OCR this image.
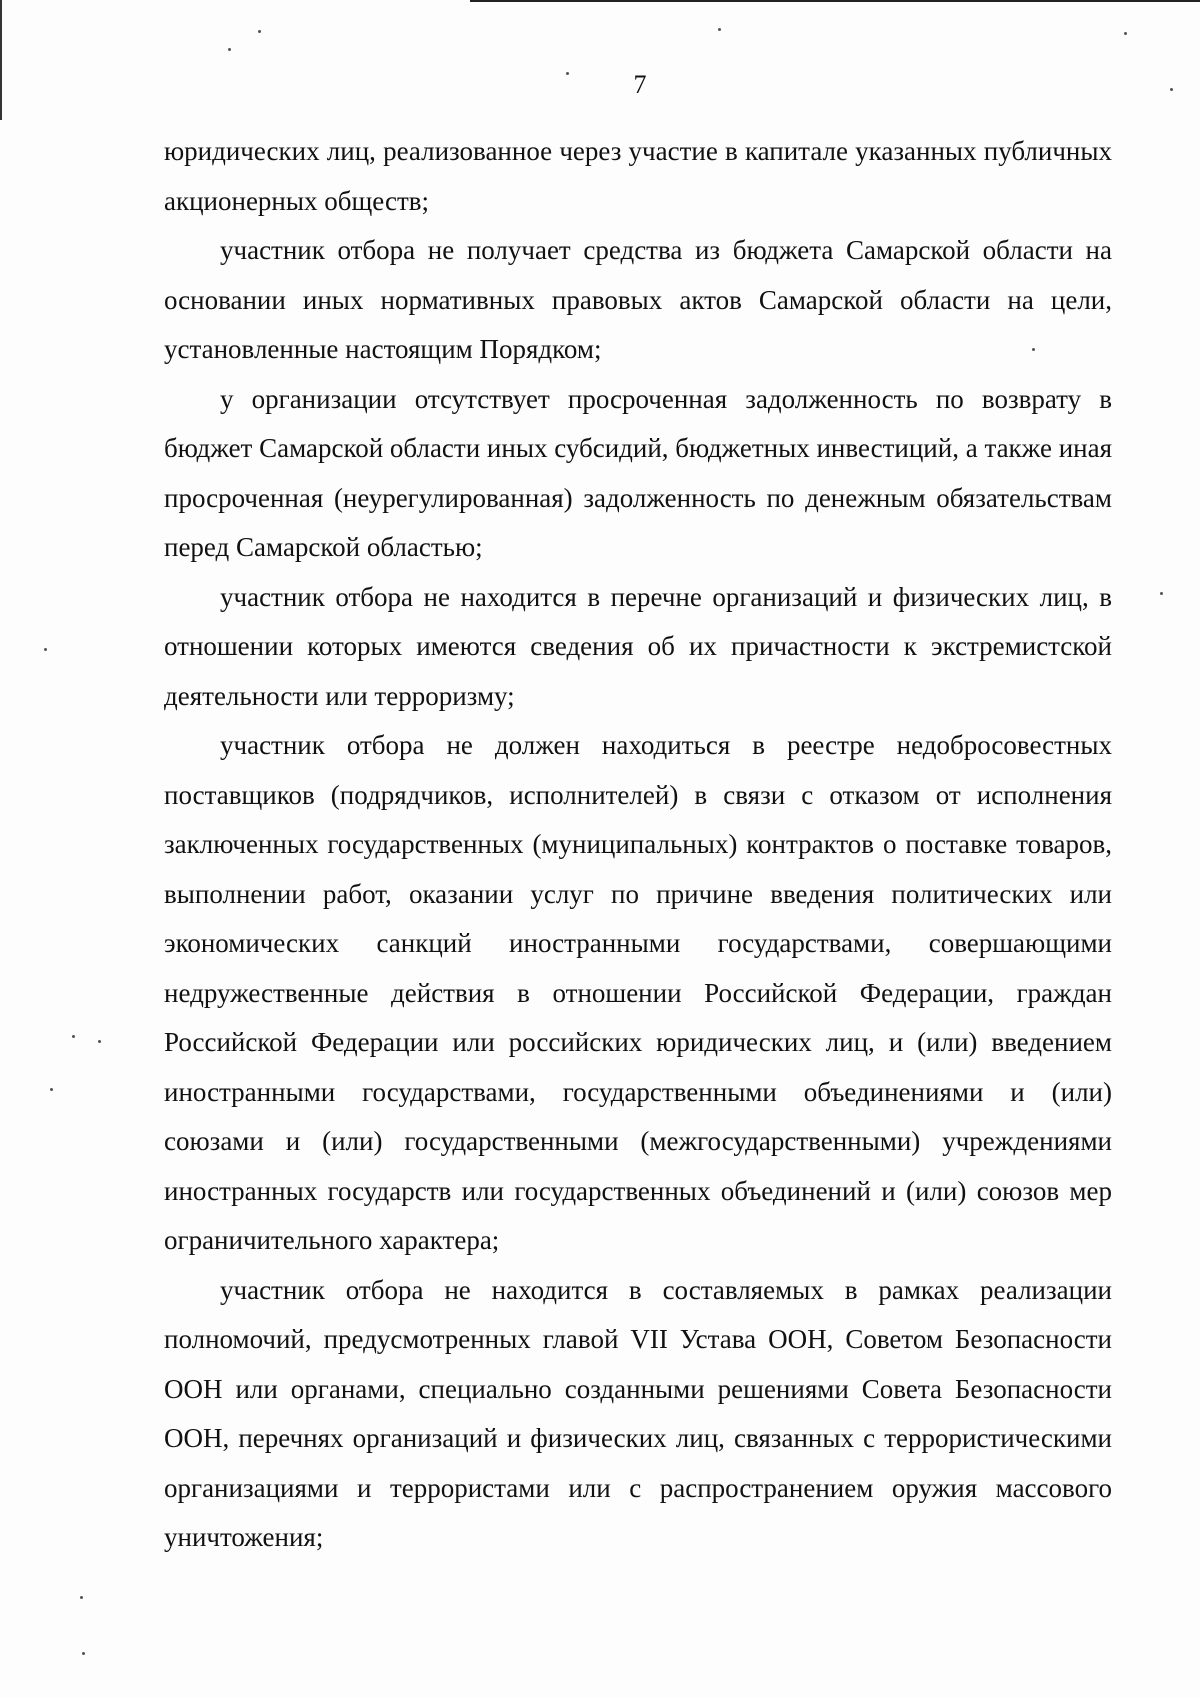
7

юридических лиц, реализованное через участие в капитале указанных публичных акционерных обществ;

участник отбора не получает средства из бюджета Самарской области на основании иных нормативных правовых актов Самарской области на цели, установленные настоящим Порядком;

у организации отсутствует просроченная задолженность по возврату в бюджет Самарской области иных субсидий, бюджетных инвестиций, а также иная просроченная (неурегулированная) задолженность по денежным обязательствам перед Самарской областью;

участник отбора не находится в перечне организаций и физических лиц, в отношении которых имеются сведения об их причастности к экстремистской деятельности или терроризму;

участник отбора не должен находиться в реестре недобросовестных поставщиков (подрядчиков, исполнителей) в связи с отказом от исполнения заключенных государственных (муниципальных) контрактов о поставке товаров, выполнении работ, оказании услуг по причине введения политических или экономических санкций иностранными государствами, совершающими недружественные действия в отношении Российской Федерации, граждан Российской Федерации или российских юридических лиц, и (или) введением иностранными государствами, государственными объединениями и (или) союзами и (или) государственными (межгосударственными) учреждениями иностранных государств или государственных объединений и (или) союзов мер ограничительного характера;

участник отбора не находится в составляемых в рамках реализации полномочий, предусмотренных главой VII Устава ООН, Советом Безопасности ООН или органами, специально созданными решениями Совета Безопасности ООН, перечнях организаций и физических лиц, связанных с террористическими организациями и террористами или с распространением оружия массового уничтожения;
